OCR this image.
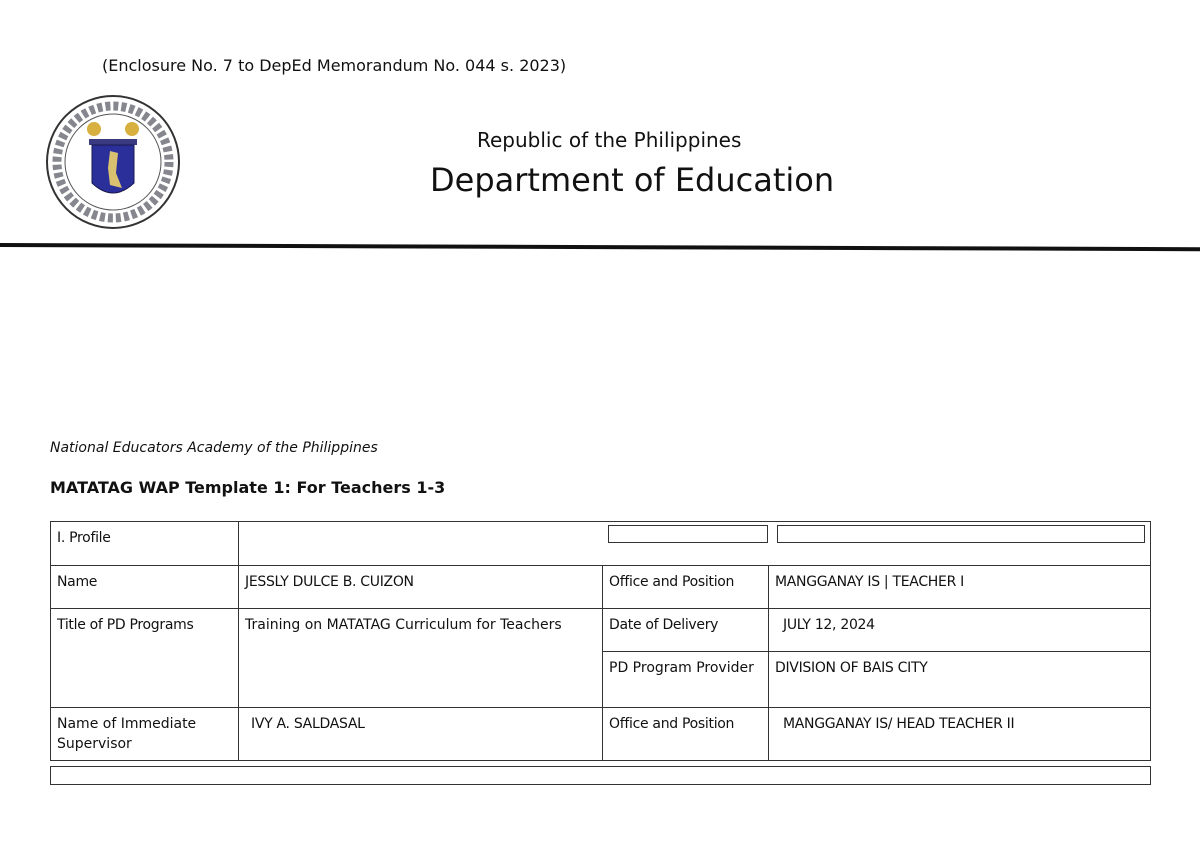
(Enclosure No. 7 to DepEd Memorandum No. 044 s. 2023)
Republic of the Philippines
Department of Education
National Educators Academy of the Philippines
MATATAG WAP Template 1: For Teachers 1-3
I. Profile			
Name	JESSLY DULCE B. CUIZON	Office and Position	MANGGANAY IS | TEACHER I
Title of PD Programs	Training on MATATAG Curriculum for Teachers	Date of Delivery	JULY 12, 2024
		PD Program Provider	DIVISION OF BAIS CITY
Name of Immediate Supervisor	IVY A. SALDASAL	Office and Position	MANGGANAY IS/ HEAD TEACHER II
